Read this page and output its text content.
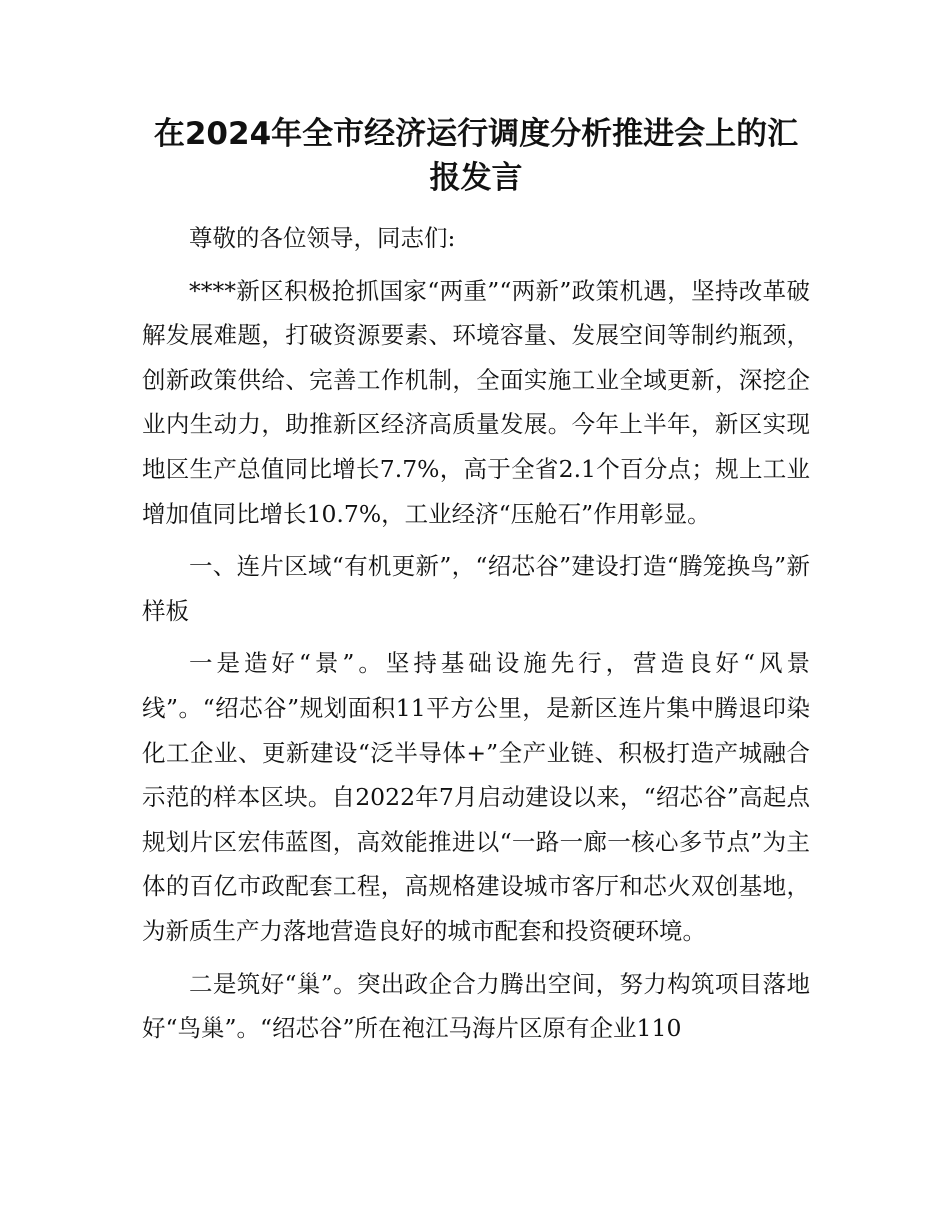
在2024年全市经济运行调度分析推进会上的汇报发言

尊敬的各位领导，同志们:

****新区积极抢抓国家“两重”“两新”政策机遇，坚持改革破解发展难题，打破资源要素、环境容量、发展空间等制约瓶颈，创新政策供给、完善工作机制，全面实施工业全域更新，深挖企业内生动力，助推新区经济高质量发展。今年上半年，新区实现地区生产总值同比增长7.7%，高于全省2.1个百分点；规上工业增加值同比增长10.7%，工业经济“压舱石”作用彰显。

一、连片区域“有机更新”，“绍芯谷”建设打造“腾笼换鸟”新样板

一是造好“景”。坚持基础设施先行，营造良好“风景线”。“绍芯谷”规划面积11平方公里，是新区连片集中腾退印染化工企业、更新建设“泛半导体+”全产业链、积极打造产城融合示范的样本区块。自2022年7月启动建设以来，“绍芯谷”高起点规划片区宏伟蓝图，高效能推进以“一路一廊一核心多节点”为主体的百亿市政配套工程，高规格建设城市客厅和芯火双创基地，为新质生产力落地营造良好的城市配套和投资硬环境。

二是筑好“巢”。突出政企合力腾出空间，努力构筑项目落地好“鸟巢”。“绍芯谷”所在袍江马海片区原有企业110
